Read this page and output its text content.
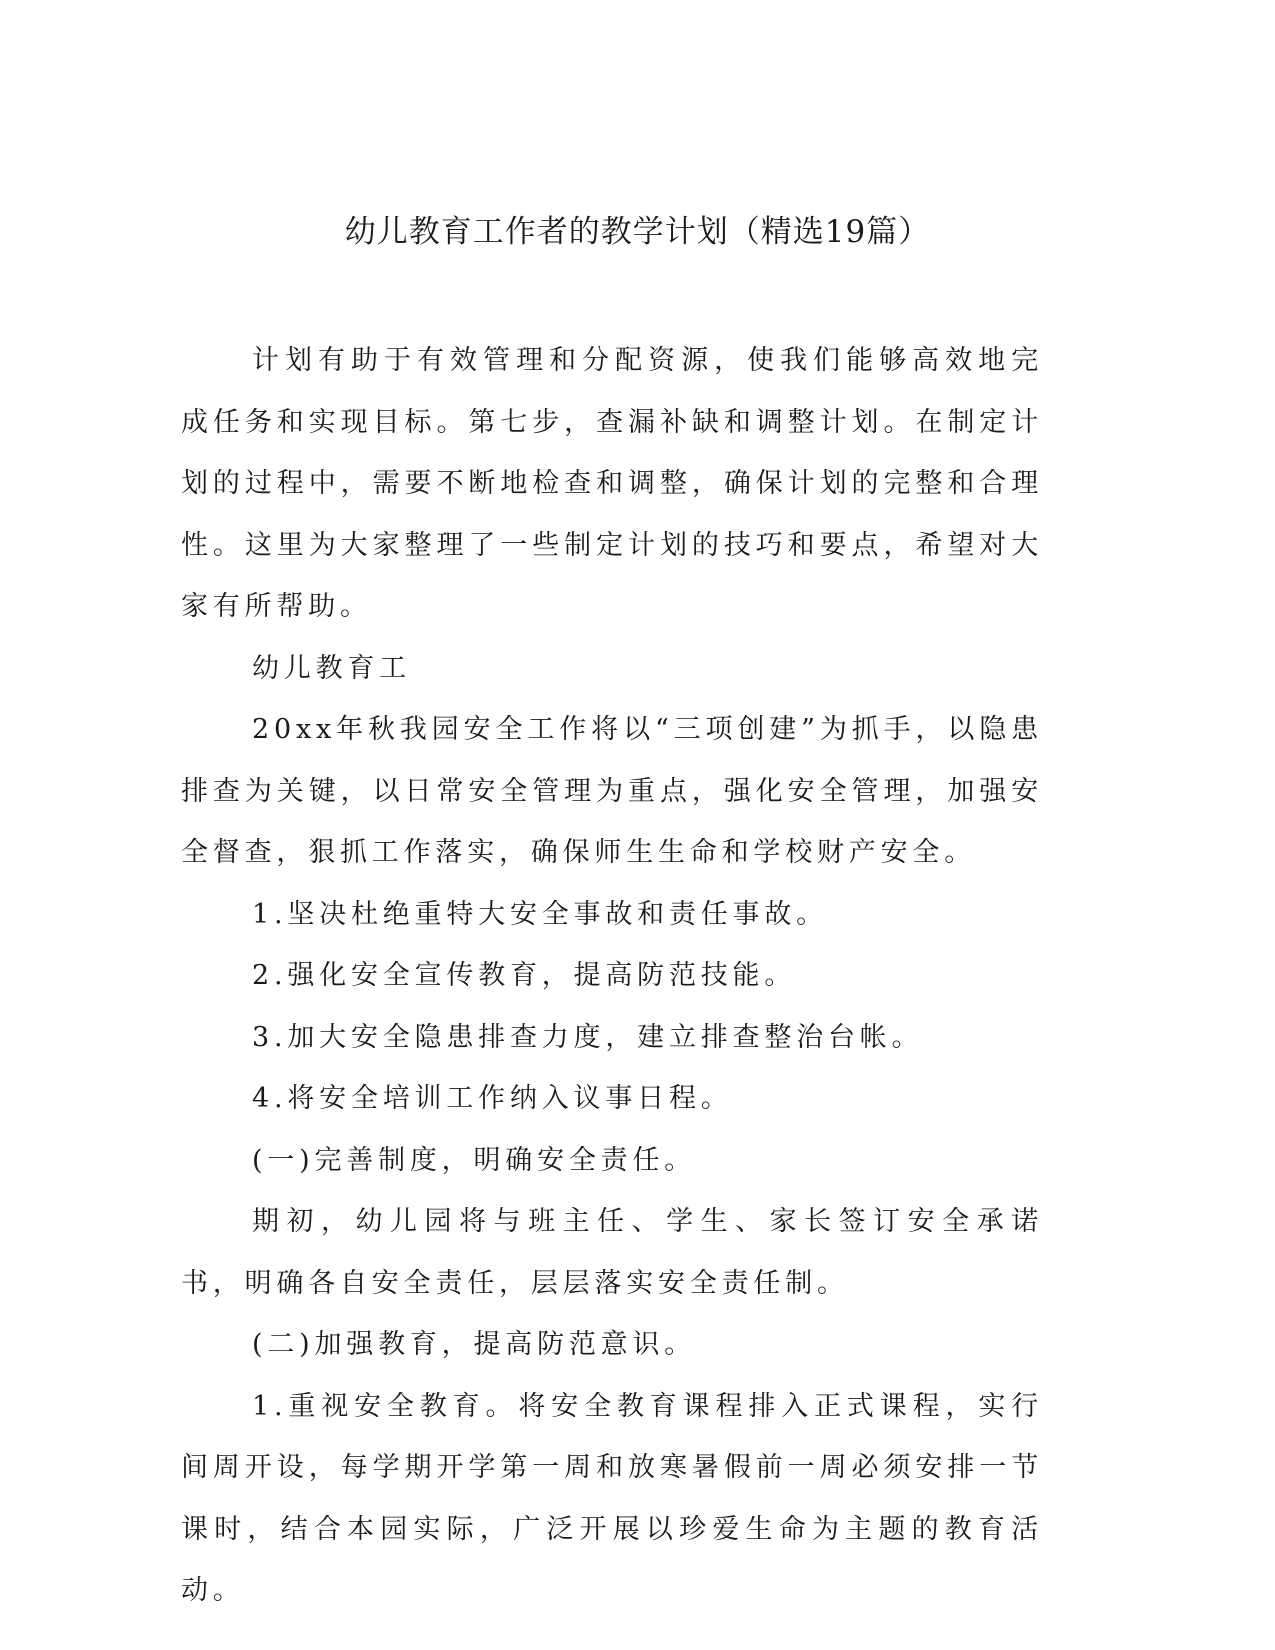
幼儿教育工作者的教学计划（精选19篇）

计划有助于有效管理和分配资源，使我们能够高效地完成任务和实现目标。第七步，查漏补缺和调整计划。在制定计划的过程中，需要不断地检查和调整，确保计划的完整和合理性。这里为大家整理了一些制定计划的技巧和要点，希望对大家有所帮助。

幼儿教育工

20xx年秋我园安全工作将以“三项创建”为抓手，以隐患排查为关键，以日常安全管理为重点，强化安全管理，加强安全督查，狠抓工作落实，确保师生生命和学校财产安全。

1.坚决杜绝重特大安全事故和责任事故。

2.强化安全宣传教育，提高防范技能。

3.加大安全隐患排查力度，建立排查整治台帐。

4.将安全培训工作纳入议事日程。

(一)完善制度，明确安全责任。

期初，幼儿园将与班主任、学生、家长签订安全承诺书，明确各自安全责任，层层落实安全责任制。

(二)加强教育，提高防范意识。

1.重视安全教育。将安全教育课程排入正式课程，实行间周开设，每学期开学第一周和放寒暑假前一周必须安排一节课时，结合本园实际，广泛开展以珍爱生命为主题的教育活动。
